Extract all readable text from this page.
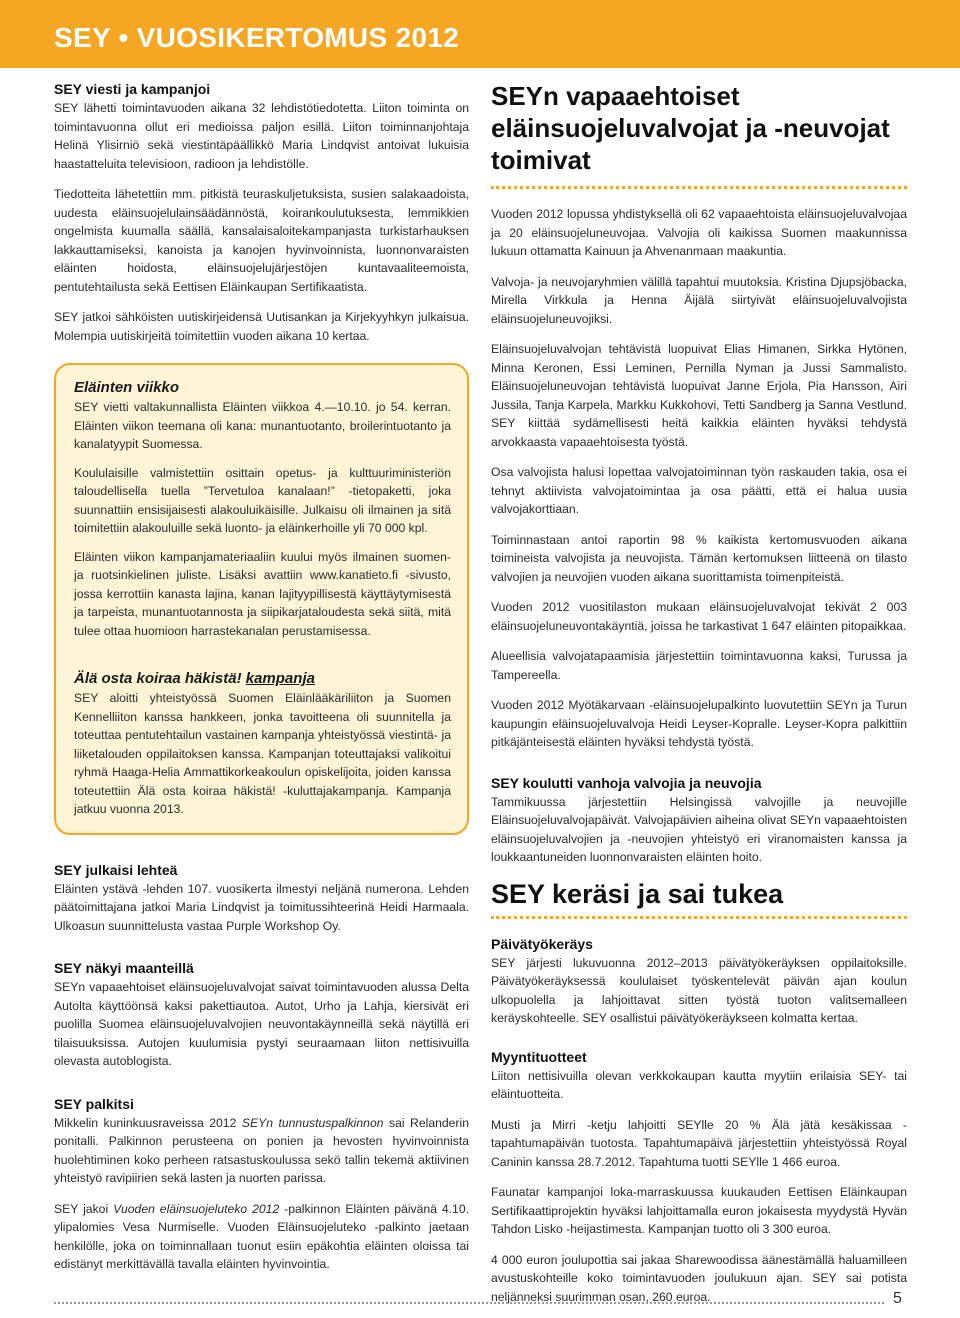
SEY • VUOSIKERTOMUS 2012
SEY viesti ja kampanjoi

SEY lähetti toimintavuoden aikana 32 lehdistötiedotetta. Liiton toiminta on toimintavuonna ollut eri medioissa paljon esillä. Liiton toiminnanjohtaja Helinä Ylisirniö sekä viestintäpäällikkö Maria Lindqvist antoivat lukuisia haastatteluita televisioon, radioon ja lehdistölle.

Tiedotteita lähetettiin mm. pitkistä teuraskuljetuksista, susien salakaadoista, uudesta eläinsuojelulainsäädännöstä, koirankoulutuksesta, lemmikkien ongelmista kuumalla säällä, kansalaisaloitekampanjasta turkistarhauksen lakkauttamiseksi, kanoista ja kanojen hyvinvoinnista, luonnonvaraisten eläinten hoidosta, eläinsuojelujärjestöjen kuntavaaliteemoista, pentutehtailusta sekä Eettisen Eläinkaupan Sertifikaatista.

SEY jatkoi sähköisten uutiskirjeidensä Uutisankan ja Kirjekyyhkyn julkaisua. Molempia uutiskirjeitä toimitettiin vuoden aikana 10 kertaa.

Eläinten viikko

SEY vietti valtakunnallista Eläinten viikkoa 4.—10.10. jo 54. kerran. Eläinten viikon teemana oli kana: munantuotanto, broilerintuotanto ja kanalatyypit Suomessa.

Koululaisille valmistettiin osittain opetus- ja kulttuuriministeriön taloudellisella tuella ”Tervetuloa kanalaan!” -tietopaketti, joka suunnattiin ensisijaisesti alakouluikäisille. Julkaisu oli ilmainen ja sitä toimitettiin alakouluille sekä luonto- ja eläinkerhoille yli 70 000 kpl.

Eläinten viikon kampanjamateriaaliin kuului myös ilmainen suomen- ja ruotsinkielinen juliste. Lisäksi avattiin www.kanatieto.fi -sivusto, jossa kerrottiin kanasta lajina, kanan lajityypillisestä käyttäytymisestä ja tarpeista, munantuotannosta ja siipikarjataloudesta sekä siitä, mitä tulee ottaa huomioon harrastekanalan perustamisessa.

Älä osta koiraa häkistä! kampanja

SEY aloitti yhteistyössä Suomen Eläinlääkäriliiton ja Suomen Kennelliiton kanssa hankkeen, jonka tavoitteena oli suunnitella ja toteuttaa pentutehtailun vastainen kampanja yhteistyössä viestintä- ja liiketalouden oppilaitoksen kanssa. Kampanjan toteuttajaksi valikoitui ryhmä Haaga-Helia Ammattikorkeakoulun opiskelijoita, joiden kanssa toteutettiin Älä osta koiraa häkistä! -kuluttajakampanja. Kampanja jatkuu vuonna 2013.

SEY julkaisi lehteä

Eläinten ystävä -lehden 107. vuosikerta ilmestyi neljänä numerona. Lehden päätoimittajana jatkoi Maria Lindqvist ja toimitussihteerinä Heidi Harmaala. Ulkoasun suunnittelusta vastaa Purple Workshop Oy.

SEY näkyi maanteillä

SEYn vapaaehtoiset eläinsuojeluvalvojat saivat toimintavuoden alussa Delta Autolta käyttöönsä kaksi pakettiautoa. Autot, Urho ja Lahja, kiersivät eri puolilla Suomea eläinsuojeluvalvojien neuvontakäynneillä sekä näytillä eri tilaisuuksissa. Autojen kuulumisia pystyi seuraamaan liiton nettisivuilla olevasta autoblogista.

SEY palkitsi

Mikkelin kuninkuusraveissa 2012 SEYn tunnustuspalkinnon sai Relanderin ponitalli. Palkinnon perusteena on ponien ja hevosten hyvinvoinnista huolehtiminen koko perheen ratsastuskoulussa sekö tallin tekemä aktiivinen yhteistyö ravipiirien sekä lasten ja nuorten parissa.

SEY jakoi Vuoden eläinsuojeluteko 2012 -palkinnon Eläinten päivänä 4.10. ylipalomies Vesa Nurmiselle. Vuoden Eläinsuojeluteko -palkinto jaetaan henkilölle, joka on toiminnallaan tuonut esiin epäkohtia eläinten oloissa tai edistänyt merkittävällä tavalla eläinten hyvinvointia.

SEYn vapaaehtoiset eläinsuojeluvalvojat ja -neuvojat toimivat

Vuoden 2012 lopussa yhdistyksellä oli 62 vapaaehtoista eläinsuojeluvalvojaa ja 20 eläinsuojeluneuvojaa. Valvojia oli kaikissa Suomen maakunnissa lukuun ottamatta Kainuun ja Ahvenanmaan maakuntia.

Valvoja- ja neuvojaryhmien välillä tapahtui muutoksia. Kristina Djupsjöbacka, Mirella Virkkula ja Henna Äijälä siirtyivät eläinsuojeluvalvojista eläinsuojeluneuvojiksi.

Eläinsuojeluvalvojan tehtävistä luopuivat Elias Himanen, Sirkka Hytönen, Minna Keronen, Essi Leminen, Pernilla Nyman ja Jussi Sammalisto. Eläinsuojeluneuvojan tehtävistä luopuivat Janne Erjola, Pia Hansson, Airi Jussila, Tanja Karpela, Markku Kukkohovi, Tetti Sandberg ja Sanna Vestlund. SEY kiittää sydämellisesti heitä kaikkia eläinten hyväksi tehdystä arvokkaasta vapaaehtoisesta työstä.

Osa valvojista halusi lopettaa valvojatoiminnan työn raskauden takia, osa ei tehnyt aktiivista valvojatoimintaa ja osa päätti, että ei halua uusia valvojakorttiaan.

Toiminnastaan antoi raportin 98 % kaikista kertomusvuoden aikana toimineista valvojista ja neuvojista. Tämän kertomuksen liitteenä on tilasto valvojien ja neuvojien vuoden aikana suorittamista toimenpiteistä.

Vuoden 2012 vuositilaston mukaan eläinsuojeluvalvojat tekivät 2 003 eläinsuojeluneuvontakäyntiä, joissa he tarkastivat 1 647 eläinten pitopaikkaa.

Alueellisia valvojatapaamisia järjestettiin toimintavuonna kaksi, Turussa ja Tampereella.

Vuoden 2012 Myötäkarvaan -eläinsuojelupalkinto luovutettiin SEYn ja Turun kaupungin eläinsuojeluvalvoja Heidi Leyser-Kopralle. Leyser-Kopra palkittiin pitkäjänteisestä eläinten hyväksi tehdystä työstä.

SEY koulutti vanhoja valvojia ja neuvojia

Tammikuussa järjestettiin Helsingissä valvojille ja neuvojille Eläinsuojeluvalvojapäivät. Valvojapäivien aiheina olivat SEYn vapaaehtoisten eläinsuojeluvalvojien ja -neuvojien yhteistyö eri viranomaisten kanssa ja loukkaantuneiden luonnonvaraisten eläinten hoito.

SEY keräsi ja sai tukea
Päivätyökeräys

SEY järjesti lukuvuonna 2012–2013 päivätyökeräyksen oppilaitoksille. Päivätyökeräyksessä koululaiset työskentelevät päivän ajan koulun ulkopuolella ja lahjoittavat sitten työstä tuoton valitsemalleen keräyskohteelle. SEY osallistui päivätyökeräykseen kolmatta kertaa.

Myyntituotteet

Liiton nettisivuilla olevan verkkokaupan kautta myytiin erilaisia SEY- tai eläintuotteita.

Musti ja Mirri -ketju lahjoitti SEYlle 20 % Älä jätä kesäkissaa -tapahtumapäivän tuotosta. Tapahtumapäivä järjestettiin yhteistyössä Royal Caninin kanssa 28.7.2012. Tapahtuma tuotti SEYlle 1 466 euroa.

Faunatar kampanjoi loka-marraskuussa kuukauden Eettisen Eläinkaupan Sertifikaattiprojektin hyväksi lahjoittamalla euron jokaisesta myydystä Hyvän Tahdon Lisko -heijastimesta. Kampanjan tuotto oli 3 300 euroa.

4 000 euron joulupottia sai jakaa Sharewoodissa äänestämällä haluamilleen avustuskohteille koko toimintavuoden joulukuun ajan. SEY sai potista neljänneksi suurimman osan, 260 euroa.	5
